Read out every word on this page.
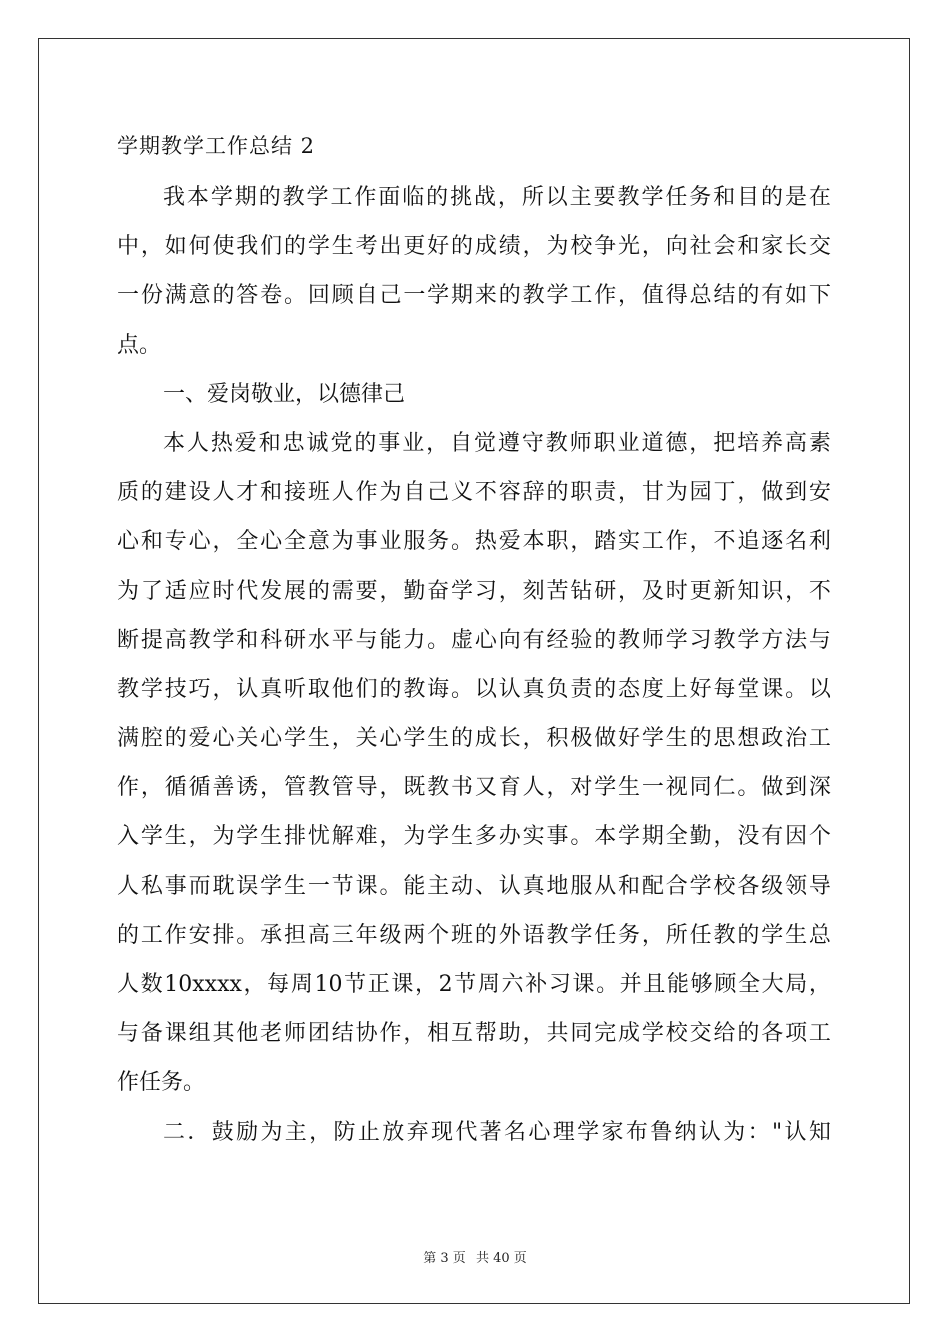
学期教学工作总结 2
我 本 学 期 的 教 学 工 作 面 临 的 挑 战 ， 所 以 主 要 教 学 任 务 和 目 的 是 在
中 ， 如 何 使 我 们 的 学 生 考 出 更 好 的 成 绩 ， 为 校 争 光 ， 向 社 会 和 家 长 交
一 份 满 意 的 答 卷 。 回 顾 自 己 一 学 期 来 的 教 学 工 作 ， 值 得 总 结 的 有 如 下
点。
一、爱岗敬业，以德律己
本 人 热 爱 和 忠 诚 党 的 事 业 ， 自 觉 遵 守 教 师 职 业 道 德 ， 把 培 养 高 素
质 的 建 设 人 才 和 接 班 人 作 为 自 己 义 不 容 辞 的 职 责 ， 甘 为 园 丁 ， 做 到 安
心 和 专 心 ， 全 心 全 意 为 事 业 服 务 。 热 爱 本 职 ， 踏 实 工 作 ， 不 追 逐 名 利
为 了 适 应 时 代 发 展 的 需 要 ， 勤 奋 学 习 ， 刻 苦 钻 研 ， 及 时 更 新 知 识 ， 不
断 提 高 教 学 和 科 研 水 平 与 能 力 。 虚 心 向 有 经 验 的 教 师 学 习 教 学 方 法 与
教 学 技 巧 ， 认 真 听 取 他 们 的 教 诲 。 以 认 真 负 责 的 态 度 上 好 每 堂 课 。 以
满 腔 的 爱 心 关 心 学 生 ， 关 心 学 生 的 成 长 ， 积 极 做 好 学 生 的 思 想 政 治 工
作 ， 循 循 善 诱 ， 管 教 管 导 ， 既 教 书 又 育 人 ， 对 学 生 一 视 同 仁 。 做 到 深
入 学 生 ， 为 学 生 排 忧 解 难 ， 为 学 生 多 办 实 事 。 本 学 期 全 勤 ， 没 有 因 个
人 私 事 而 耽 误 学 生 一 节 课 。 能 主 动 、 认 真 地 服 从 和 配 合 学 校 各 级 领 导
的 工 作 安 排 。 承 担 高 三 年 级 两 个 班 的 外 语 教 学 任 务 ， 所 任 教 的 学 生 总
人 数 10xxxx ， 每 周 10 节 正 课 ， 2 节 周 六 补 习 课 。 并 且 能 够 顾 全 大 局 ，
与 备 课 组 其 他 老 师 团 结 协 作 ， 相 互 帮 助 ， 共 同 完 成 学 校 交 给 的 各 项 工
作任务。
二 ． 鼓 励 为 主 ， 防 止 放 弃 现 代 著 名 心 理 学 家 布 鲁 纳 认 为 ： " 认 知
第 3 页 共 40 页
